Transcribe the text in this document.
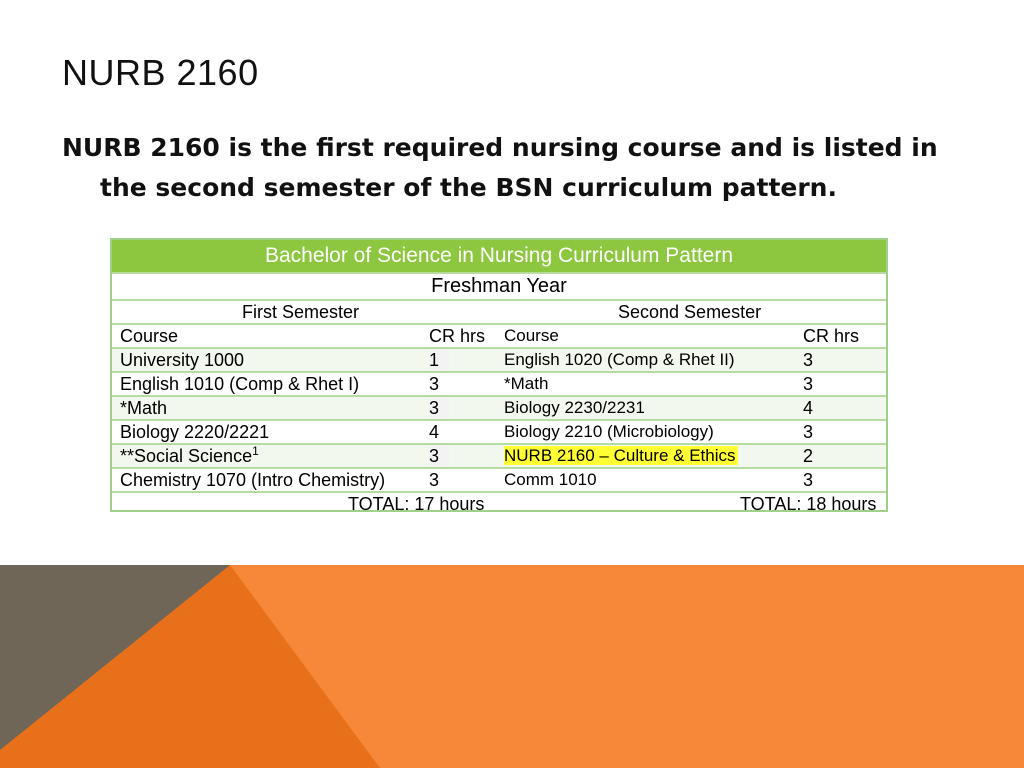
NURB 2160
NURB 2160 is the first required nursing course and is listed in
the second semester of the BSN curriculum pattern.
Bachelor of Science in Nursing Curriculum Pattern
Freshman Year
First Semester	Second Semester
Course	CR hrs Course	CR hrs
University 1000	1	English 1020 (Comp & Rhet II)	3
English 1010 (Comp & Rhet I)	3	*Math	3
*Math	3	Biology 2230/2231	4
Biology 2220/2221	4	Biology 2210 (Microbiology)	3
**Social Science$^1$	3	NURB 2160 – Culture & Ethics	2
Chemistry 1070 (Intro Chemistry) 3	Comm 1010	3
TOTAL: 17 hours	TOTAL: 18 hours
